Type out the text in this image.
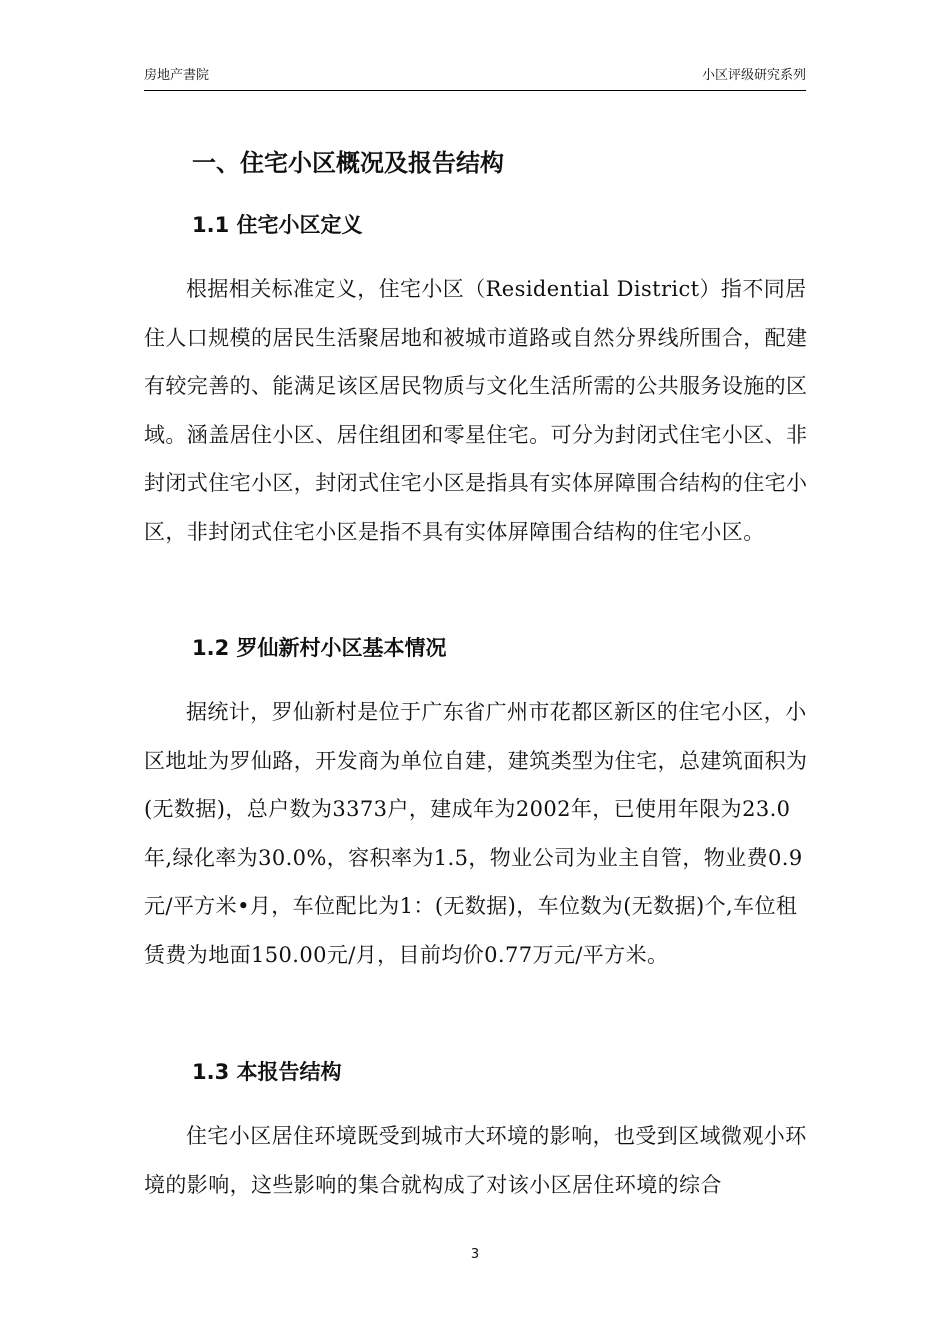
房地产書院	小区评级研究系列
一、住宅小区概况及报告结构
1.1 住宅小区定义

根据相关标准定义，住宅小区（Residential District）指不同居住人口规模的居民生活聚居地和被城市道路或自然分界线所围合，配建有较完善的、能满足该区居民物质与文化生活所需的公共服务设施的区域。涵盖居住小区、居住组团和零星住宅。可分为封闭式住宅小区、非封闭式住宅小区，封闭式住宅小区是指具有实体屏障围合结构的住宅小区，非封闭式住宅小区是指不具有实体屏障围合结构的住宅小区。

1.2 罗仙新村小区基本情况

据统计，罗仙新村是位于广东省广州市花都区新区的住宅小区，小区地址为罗仙路，开发商为单位自建，建筑类型为住宅，总建筑面积为(无数据)，总户数为3373户，建成年为2002年，已使用年限为23.0年,绿化率为30.0%，容积率为1.5，物业公司为业主自管，物业费0.9元/平方米•月，车位配比为1：(无数据)，车位数为(无数据)个,车位租赁费为地面150.00元/月，目前均价0.77万元/平方米。

1.3 本报告结构

住宅小区居住环境既受到城市大环境的影响，也受到区域微观小环境的影响，这些影响的集合就构成了对该小区居住环境的综合

3
